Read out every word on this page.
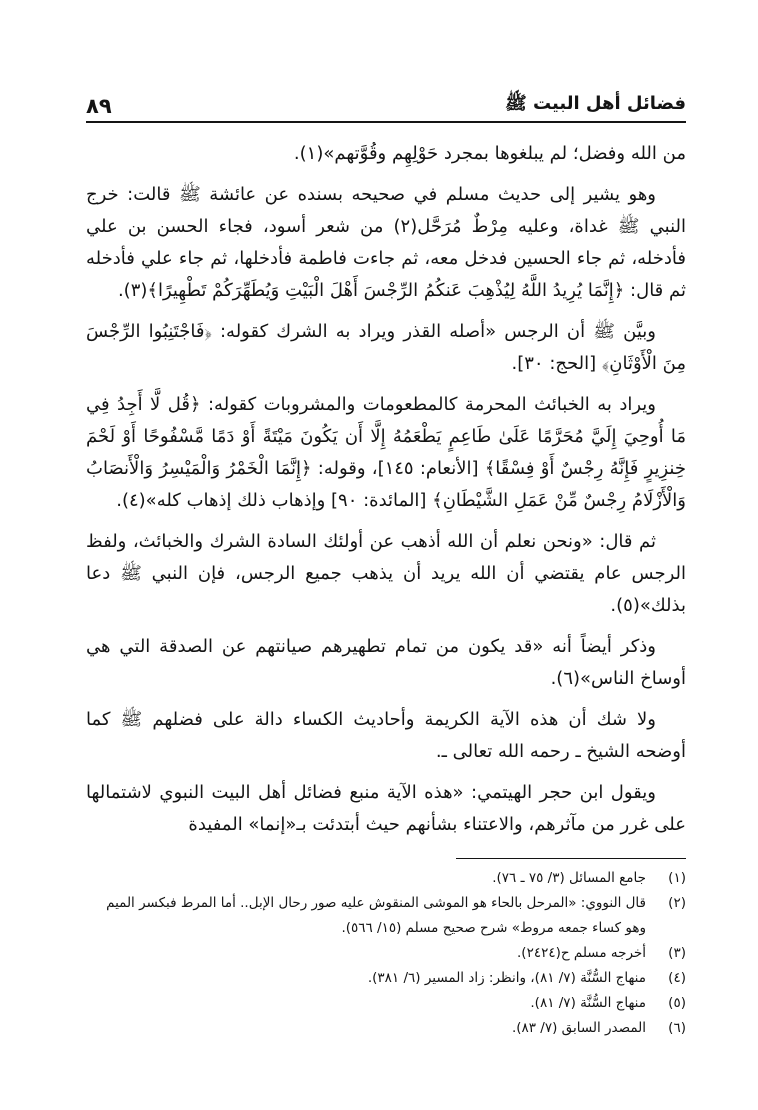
فضائل أهل البيت ﷺ
٨٩

من الله وفضل؛ لم يبلغوها بمجرد حَوْلِهِم وقُوَّتهم»(١).

وهو يشير إلى حديث مسلم في صحيحه بسنده عن عائشة ﷺ قالت: خرج النبي ﷺ غداة، وعليه مِرْطٌ مُرَحَّل(٢) من شعر أسود، فجاء الحسن بن علي فأدخله، ثم جاء الحسين فدخل معه، ثم جاءت فاطمة فأدخلها، ثم جاء علي فأدخله ثم قال: ﴿إِنَّمَا يُرِيدُ اللَّهُ لِيُذْهِبَ عَنكُمُ الرِّجْسَ أَهْلَ الْبَيْتِ وَيُطَهِّرَكُمْ تَطْهِيرًا﴾(٣).

وبيَّن ﷺ أن الرجس «أصله القذر ويراد به الشرك كقوله: ﴿فَاجْتَنِبُوا الرِّجْسَ مِنَ الْأَوْثَانِ﴾ [الحج: ٣٠].

ويراد به الخبائث المحرمة كالمطعومات والمشروبات كقوله: ﴿قُل لَّا أَجِدُ فِي مَا أُوحِيَ إِلَيَّ مُحَرَّمًا عَلَىٰ طَاعِمٍ يَطْعَمُهُ إِلَّا أَن يَكُونَ مَيْتَةً أَوْ دَمًا مَّسْفُوحًا أَوْ لَحْمَ خِنزِيرٍ فَإِنَّهُ رِجْسٌ أَوْ فِسْقًا﴾ [الأنعام: ١٤٥]، وقوله: ﴿إِنَّمَا الْخَمْرُ وَالْمَيْسِرُ وَالْأَنصَابُ وَالْأَزْلَامُ رِجْسٌ مِّنْ عَمَلِ الشَّيْطَانِ﴾ [المائدة: ٩٠] وإذهاب ذلك إذهاب كله»(٤).

ثم قال: «ونحن نعلم أن الله أذهب عن أولئك السادة الشرك والخبائث، ولفظ الرجس عام يقتضي أن الله يريد أن يذهب جميع الرجس، فإن النبي ﷺ دعا بذلك»(٥).

وذكر أيضاً أنه «قد يكون من تمام تطهيرهم صيانتهم عن الصدقة التي هي أوساخ الناس»(٦).

ولا شك أن هذه الآية الكريمة وأحاديث الكساء دالة على فضلهم ﷺ كما أوضحه الشيخ ـ رحمه الله تعالى ـ.

ويقول ابن حجر الهيتمي: «هذه الآية منبع فضائل أهل البيت النبوي لاشتمالها على غرر من مآثرهم، والاعتناء بشأنهم حيث أبتدئت بـ«إنما» المفيدة

(١)
جامع المسائل (٣/ ٧٥ ـ ٧٦).
(٢)
قال النووي: «المرحل بالحاء هو الموشى المنقوش عليه صور رحال الإبل.. أما المرط فبكسر الميم وهو كساء جمعه مروط» شرح صحيح مسلم (١٥/ ٥٦٦).
(٣)
أخرجه مسلم ح(٢٤٢٤).
(٤)
منهاج السُّنَّة (٧/ ٨١)، وانظر: زاد المسير (٦/ ٣٨١).
(٥)
منهاج السُّنَّة (٧/ ٨١).
(٦)
المصدر السابق (٧/ ٨٣).
